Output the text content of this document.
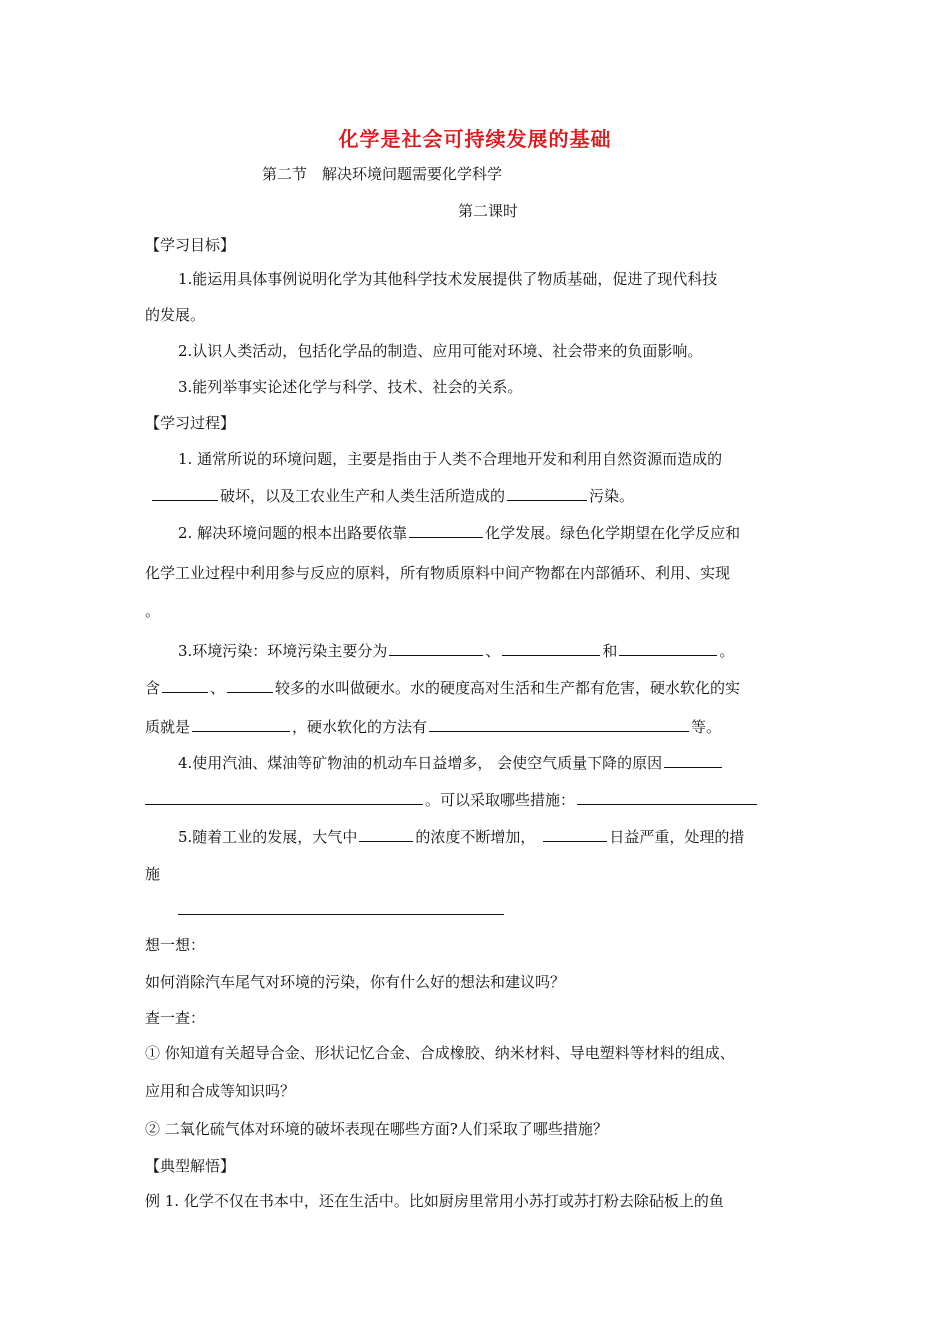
化学是社会可持续发展的基础
第二节　解决环境问题需要化学科学
第二课时
【学习目标】
1.能运用具体事例说明化学为其他科学技术发展提供了物质基础，促进了现代科技
的发展。
2.认识人类活动，包括化学品的制造、应用可能对环境、社会带来的负面影响。
3.能列举事实论述化学与科学、技术、社会的关系。
【学习过程】
1. 通常所说的环境问题，主要是指由于人类不合理地开发和利用自然资源而造成的
破坏，以及工农业生产和人类生活所造成的	污染。
2. 解决环境问题的根本出路要依靠	化学发展。绿色化学期望在化学反应和
化学工业过程中利用参与反应的原料，所有物质原料中间产物都在内部循环、利用、实现
。
3.环境污染：环境污染主要分为	、	和	。
含	、	较多的水叫做硬水。水的硬度高对生活和生产都有危害，硬水软化的实
质就是	，硬水软化的方法有	等。
4.使用汽油、煤油等矿物油的机动车日益增多， 会使空气质量下降的原因
。可以采取哪些措施：
5.随着工业的发展，大气中	的浓度不断增加，	日益严重，处理的措
施
想一想：
如何消除汽车尾气对环境的污染，你有什么好的想法和建议吗？
查一查：
① 你知道有关超导合金、形状记忆合金、合成橡胶、纳米材料、导电塑料等材料的组成、
应用和合成等知识吗？
② 二氧化硫气体对环境的破坏表现在哪些方面?人们采取了哪些措施？
【典型解悟】
例 1. 化学不仅在书本中，还在生活中。比如厨房里常用小苏打或苏打粉去除砧板上的鱼
